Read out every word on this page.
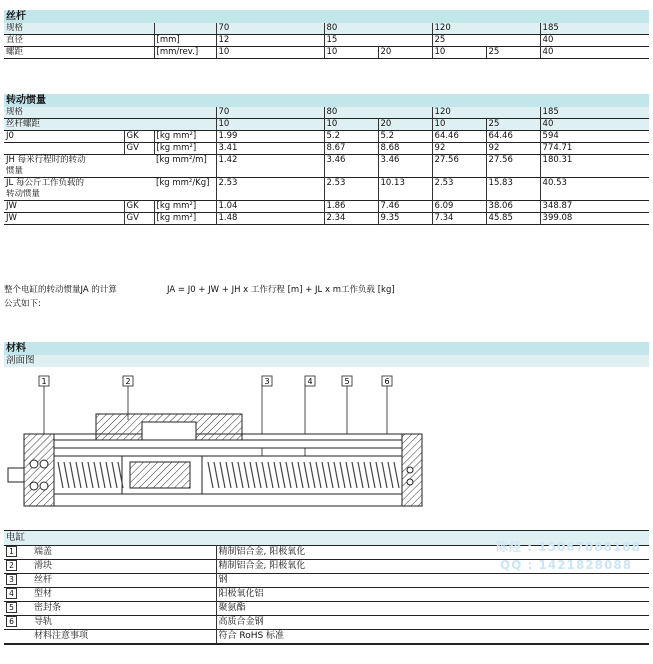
丝杆
规格		70	80		120		185
直径	[mm]	12	15		25		40
螺距	[mm/rev.]	10	10	20	10	25	40
转动惯量
规格			70	80		120		185
丝杆螺距			10	10	20	10	25	40
J0	GK	[kg mm²]	1.99	5.2	5.2	64.46	64.46	594
	GV	[kg mm²]	3.41	8.67	8.68	92	92	774.71
JH 每米行程时的转动		[kg mm²/m]	1.42	3.46	3.46	27.56	27.56	180.31
惯量								
JL 每公斤工作负载的		[kg mm²/Kg]	2.53	2.53	10.13	2.53	15.83	40.53
转动惯量								
JW	GK	[kg mm²]	1.04	1.86	7.46	6.09	38.06	348.87
JW	GV	[kg mm²]	1.48	2.34	9.35	7.34	45.85	399.08
整个电缸的转动惯量JA 的计算
公式如下:
JA = J0 + JW + JH x 工作行程 [m] + JL x m工作负载 [kg]
材料
剖面图
1	2	3	4	5	6
电缸
1	端盖	精制铝合金, 阳极氧化
2	滑块	精制铝合金, 阳极氧化
3	丝杆	钢
4	型材	阳极氧化铝
5	密封条	聚氨酯
6	导轨	高质合金钢
	材料注意事项	符合 RoHS 标准
陈经 : 15067088188
QQ : 1421828088
